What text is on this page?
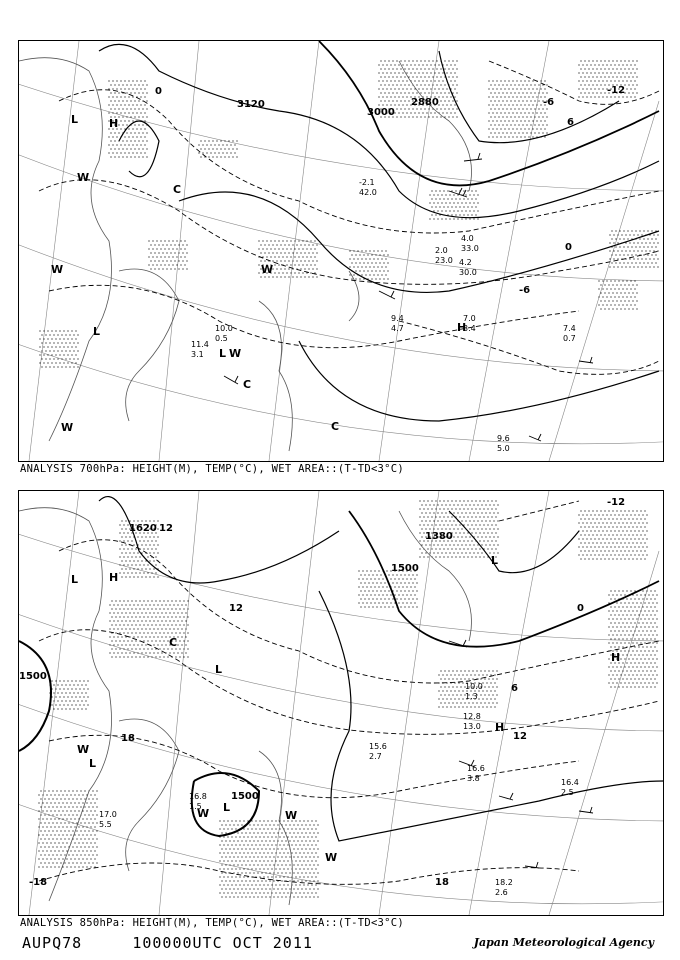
3120
3000
2880
0
-6
-12
0
-6
6
L	H
L
W
W
C
C
W
W
C
H
L W
9.6
5.0
7.4
0.7
9.4
4.7
7.0
3.4
11.4
3.1
10.0
0.5
2.0
23.0
-2.1
42.0
4.0
33.0
4.2
30.0
ANALYSIS 700hPa: HEIGHT(M), TEMP(°C), WET AREA::(T-TD<3°C)
1500
1500
1500
1380
1620 12
12
-12
6
0
12
18
18
-18
L	H
C
L
L
H
H
L
W
L
W	W
W
16.6
3.8	16.4
2.5
18.2
2.6
15.6
2.7
12.8
13.0
10.0
1.3
17.0
5.5
16.8
1.5
ANALYSIS 850hPa: HEIGHT(M), TEMP(°C), WET AREA::(T-TD<3°C)
AUPQ78	100000UTC OCT 2011	Japan Meteorological Agency
